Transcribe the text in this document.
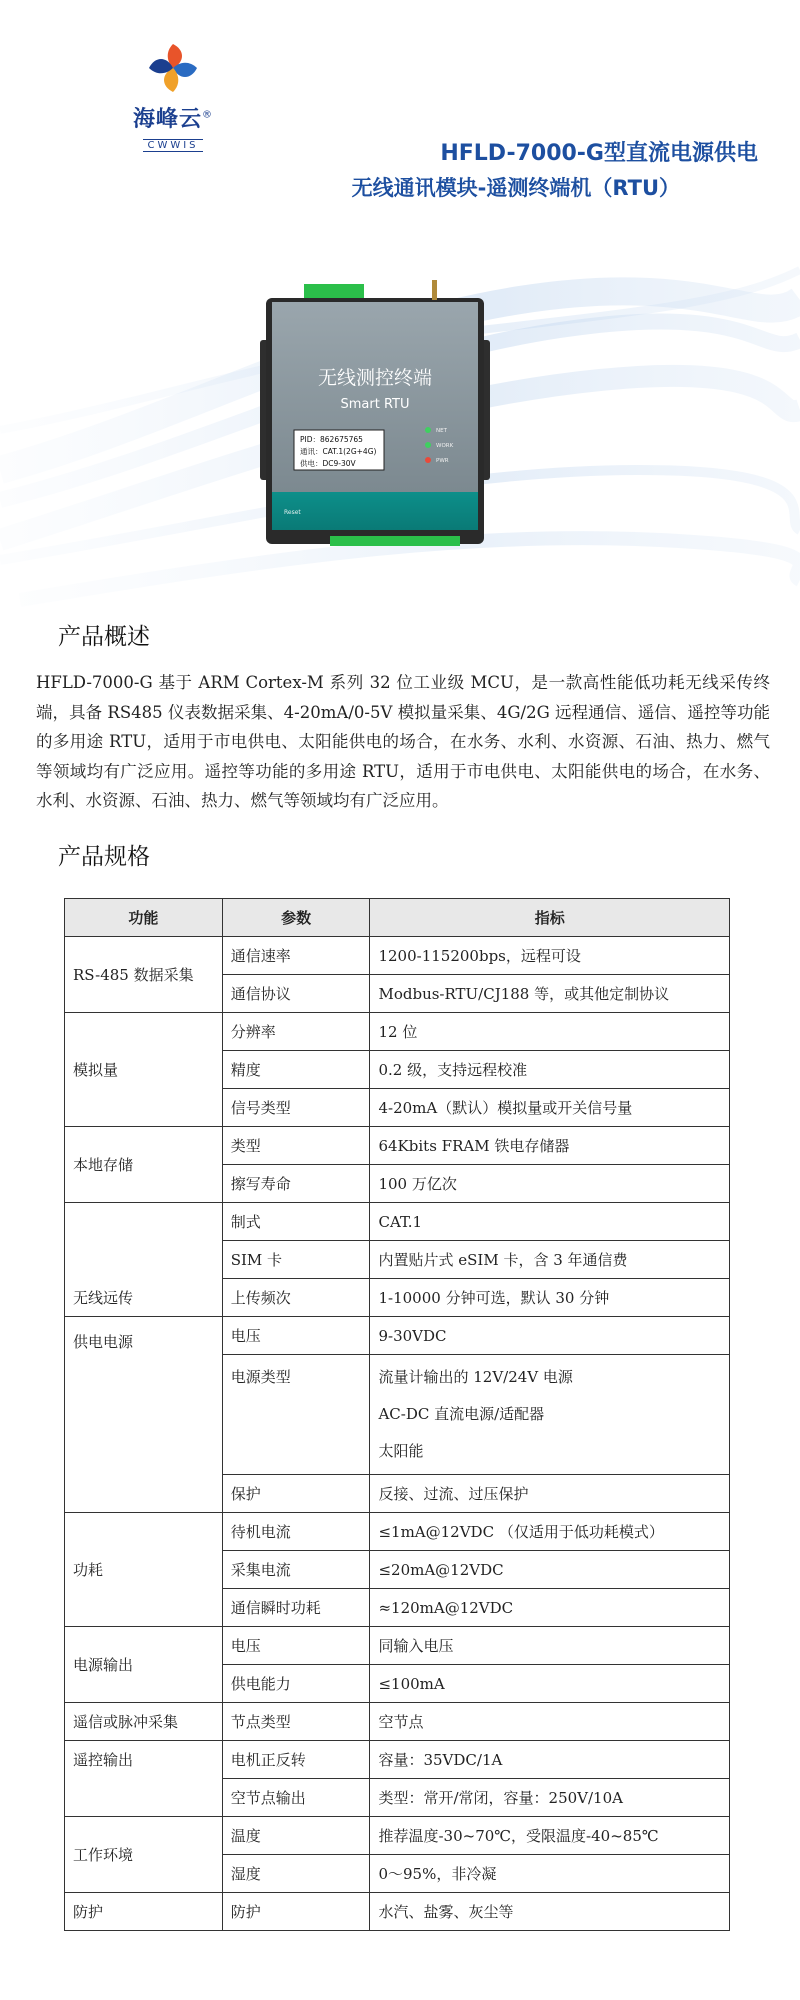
海峰云®
CWWIS	HFLD-7000-G型直流电源供电
无线通讯模块-遥测终端机（RTU）
无线测控终端
Smart RTU
PID：862675765
通讯：CAT.1(2G+4G)
供电：DC9-30V
NET
WORK
PWR
Reset
产品概述
HFLD-7000-G 基于 ARM Cortex-M 系列 32 位工业级 MCU，是一款高性能低功耗无线采传终端，具备 RS485 仪表数据采集、4-20mA/0-5V 模拟量采集、4G/2G 远程通信、遥信、遥控等功能的多用途 RTU，适用于市电供电、太阳能供电的场合，在水务、水利、水资源、石油、热力、燃气等领域均有广泛应用。遥控等功能的多用途 RTU，适用于市电供电、太阳能供电的场合，在水务、水利、水资源、石油、热力、燃气等领域均有广泛应用。
产品规格
功能	参数	指标
RS-485 数据采集	通信速率	1200-115200bps，远程可设
	通信协议	Modbus-RTU/CJ188 等，或其他定制协议
模拟量	分辨率	12 位
	精度	0.2 级，支持远程校准
	信号类型	4-20mA（默认）模拟量或开关信号量
本地存储	类型	64Kbits FRAM 铁电存储器
	擦写寿命	100 万亿次
无线远传	制式	CAT.1
	SIM 卡	内置贴片式 eSIM 卡，含 3 年通信费
	上传频次	1-10000 分钟可选，默认 30 分钟
供电电源	电压	9-30VDC

	电源类型	流量计输出的 12V/24V 电源
AC-DC 直流电源/适配器
太阳能

	保护	反接、过流、过压保护
功耗	待机电流	≤1mA@12VDC （仅适用于低功耗模式）
	采集电流	≤20mA@12VDC
	通信瞬时功耗	≈120mA@12VDC
电源输出	电压	同输入电压
	供电能力	≤100mA
遥信或脉冲采集	节点类型	空节点
遥控输出	电机正反转	容量：35VDC/1A
	空节点输出	类型：常开/常闭，容量：250V/10A
工作环境	温度	推荐温度-30~70℃，受限温度-40~85℃
	湿度	0～95%，非冷凝
防护	防护	水汽、盐雾、灰尘等
